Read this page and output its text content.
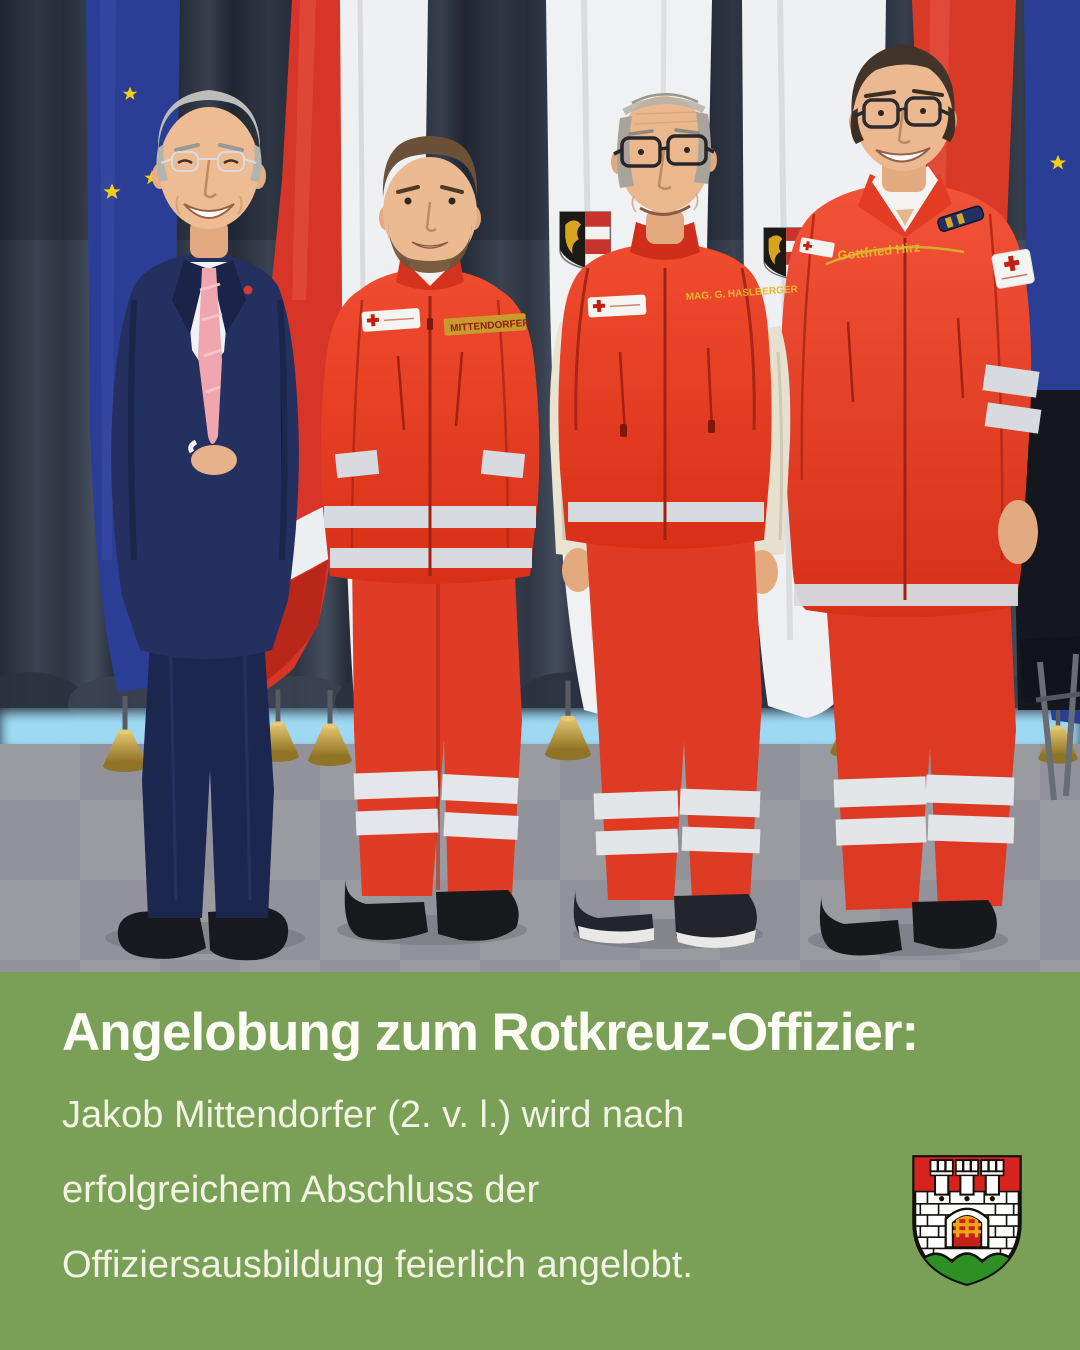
MITTENDORFER
Gottfried Hirz
MAG. G. HASLBERGER
Angelobung zum Rotkreuz-Offizier:

Jakob Mittendorfer (2. v. l.) wird nach

erfolgreichem Abschluss der

Offiziersausbildung feierlich angelobt.
